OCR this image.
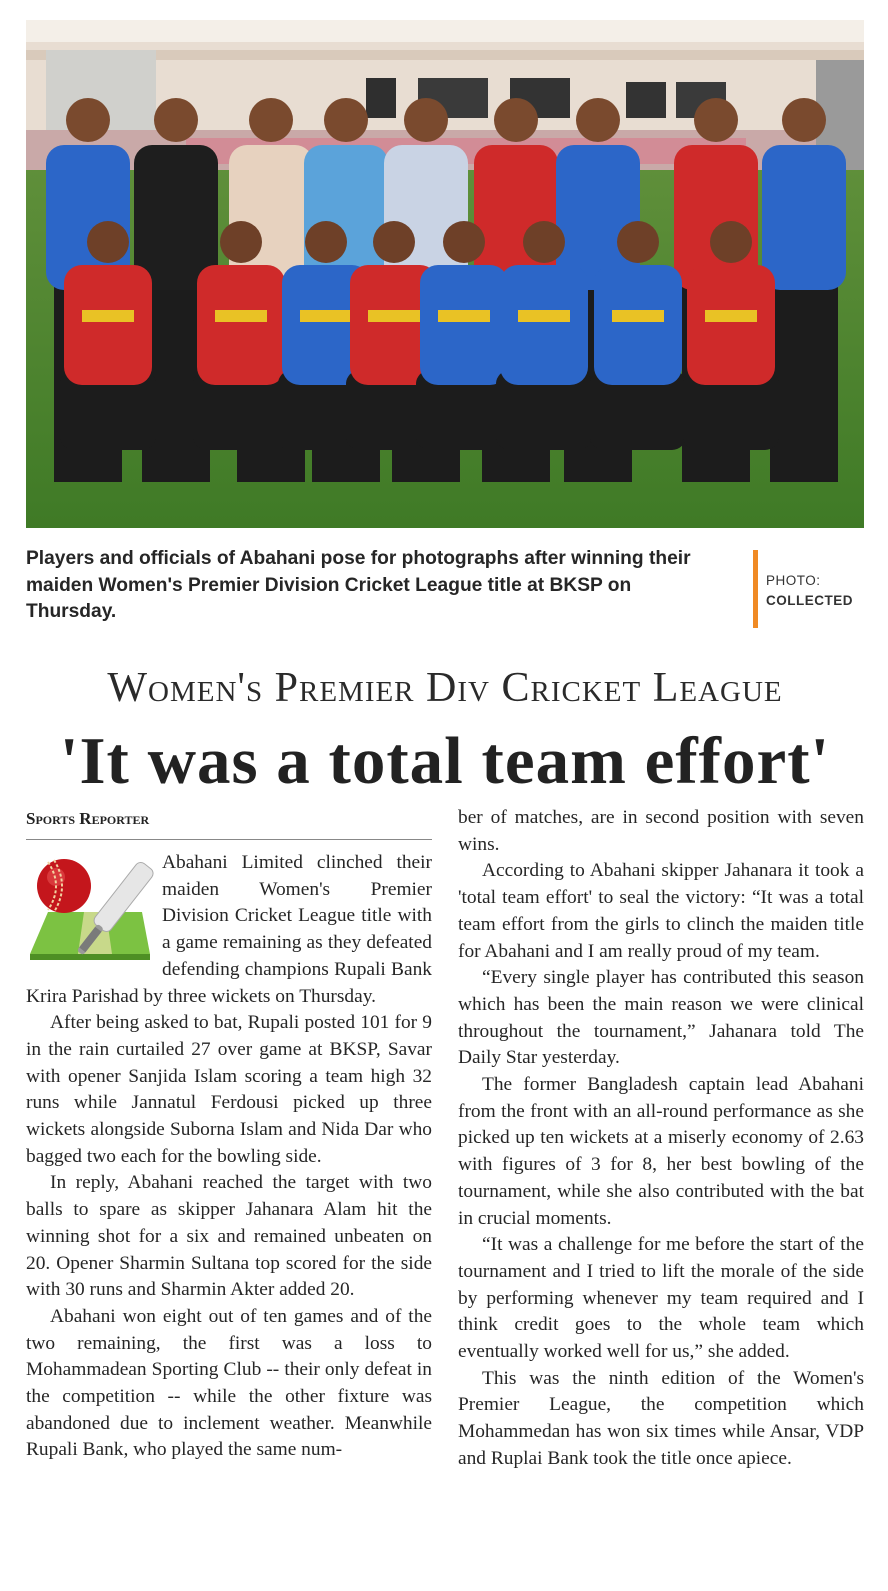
Players and officials of Abahani pose for photographs after winning their maiden Women's Premier Division Cricket League title at BKSP on Thursday.
PHOTO:
COLLECTED
Women's Premier Div Cricket League
'It was a total team effort'
Sports Reporter

Abahani Limited clinched their maiden Women's Premier Division Cricket League title with a game remaining as they defeated defending champions Rupali Bank Krira Parishad by three wickets on Thursday.

After being asked to bat, Rupali posted 101 for 9 in the rain curtailed 27 over game at BKSP, Savar with opener Sanjida Islam scoring a team high 32 runs while Jannatul Ferdousi picked up three wickets alongside Suborna Islam and Nida Dar who bagged two each for the bowling side.

In reply, Abahani reached the target with two balls to spare as skipper Jahanara Alam hit the winning shot for a six and remained unbeaten on 20. Opener Sharmin Sultana top scored for the side with 30 runs and Sharmin Akter added 20.

Abahani won eight out of ten games and of the two remaining, the first was a loss to Mohammadean Sporting Club -- their only defeat in the competition -- while the other fixture was abandoned due to inclement weather. Meanwhile Rupali Bank, who played the same num-

ber of matches, are in second position with seven wins.

According to Abahani skipper Jahanara it took a 'total team effort' to seal the victory: “It was a total team effort from the girls to clinch the maiden title for Abahani and I am really proud of my team.

“Every single player has contributed this season which has been the main reason we were clinical throughout the tournament,” Jahanara told The Daily Star yesterday.

The former Bangladesh captain lead Abahani from the front with an all-round performance as she picked up ten wickets at a miserly economy of 2.63 with figures of 3 for 8, her best bowling of the tournament, while she also contributed with the bat in crucial moments.

“It was a challenge for me before the start of the tournament and I tried to lift the morale of the side by performing whenever my team required and I think credit goes to the whole team which eventually worked well for us,” she added.

This was the ninth edition of the Women's Premier League, the competition which Mohammedan has won six times while Ansar, VDP and Ruplai Bank took the title once apiece.
